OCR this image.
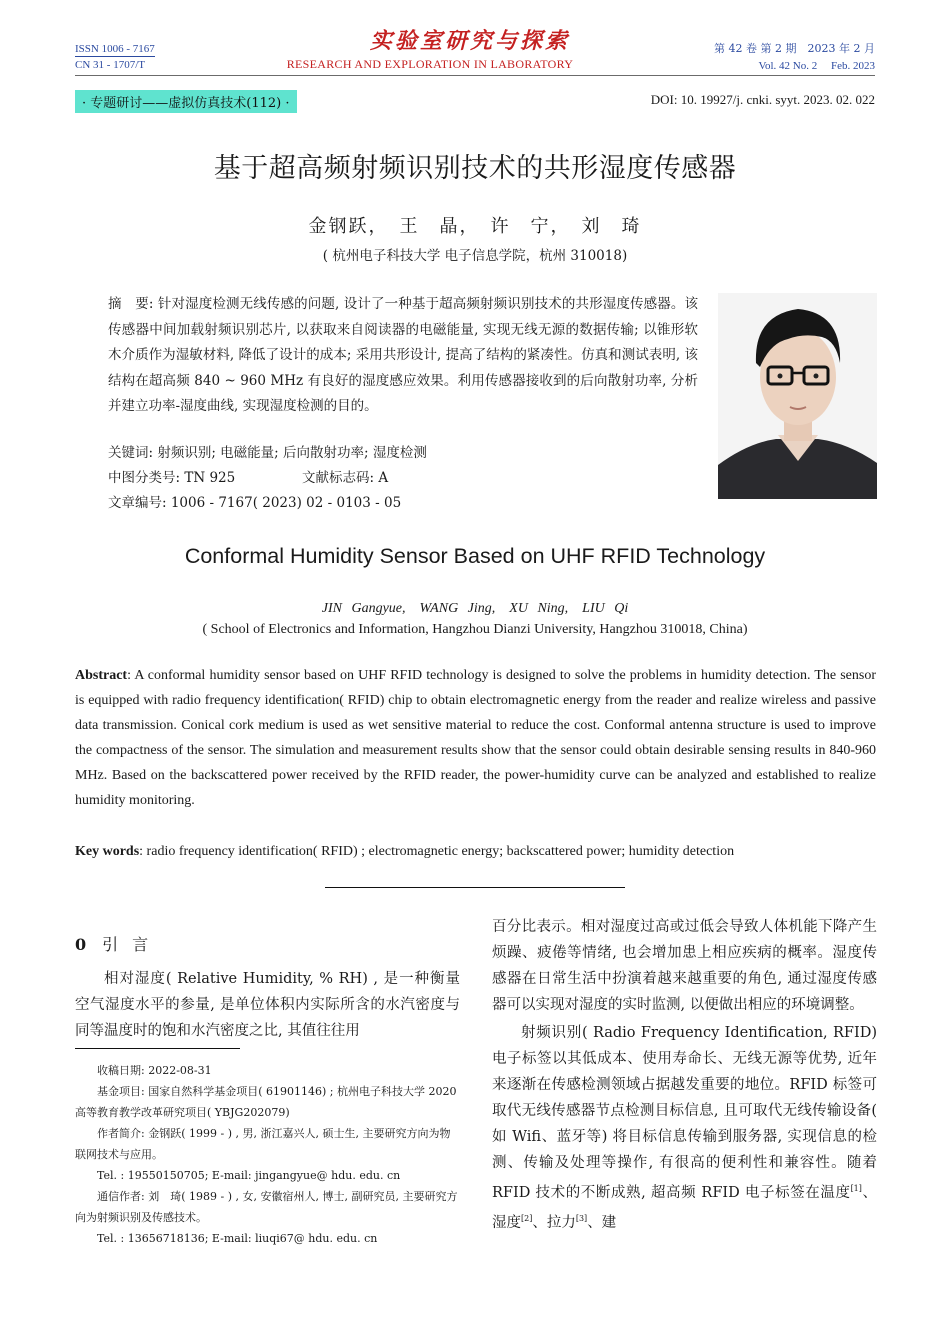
ISSN 1006 - 7167
CN 31 - 1707/T
实验室研究与探索
RESEARCH AND EXPLORATION IN LABORATORY
第 42 卷 第 2 期　2023 年 2 月
Vol. 42 No. 2　 Feb. 2023
· 专题研讨——虚拟仿真技术(112) ·	DOI: 10. 19927/j. cnki. syyt. 2023. 02. 022
基于超高频射频识别技术的共形湿度传感器
金钢跃，　王　晶，　许　宁，　刘　琦
( 杭州电子科技大学 电子信息学院，杭州 310018)
摘　要: 针对湿度检测无线传感的问题, 设计了一种基于超高频射频识别技术的共形湿度传感器。该传感器中间加载射频识别芯片, 以获取来自阅读器的电磁能量, 实现无线无源的数据传输; 以锥形软木介质作为湿敏材料, 降低了设计的成本; 采用共形设计, 提高了结构的紧凑性。仿真和测试表明, 该结构在超高频 840 ~ 960 MHz 有良好的湿度感应效果。利用传感器接收到的后向散射功率, 分析并建立功率-湿度曲线, 实现湿度检测的目的。
关键词: 射频识别; 电磁能量; 后向散射功率; 湿度检测
中图分类号: TN 925	文献标志码: A
文章编号: 1006 - 7167( 2023) 02 - 0103 - 05
Conformal Humidity Sensor Based on UHF RFID Technology
JIN Gangyue,　WANG Jing,　XU Ning,　LIU Qi
( School of Electronics and Information, Hangzhou Dianzi University, Hangzhou 310018, China)
Abstract: A conformal humidity sensor based on UHF RFID technology is designed to solve the problems in humidity detection. The sensor is equipped with radio frequency identification( RFID) chip to obtain electromagnetic energy from the reader and realize wireless and passive data transmission. Conical cork medium is used as wet sensitive material to reduce the cost. Conformal antenna structure is used to improve the compactness of the sensor. The simulation and measurement results show that the sensor could obtain desirable sensing results in 840-960 MHz. Based on the backscattered power received by the RFID reader, the power-humidity curve can be analyzed and established to realize humidity monitoring.
Key words: radio frequency identification( RFID) ; electromagnetic energy; backscattered power; humidity detection
0 引言

相对湿度( Relative Humidity, % RH) , 是一种衡量空气湿度水平的参量, 是单位体积内实际所含的水汽密度与同等温度时的饱和水汽密度之比, 其值往往用

百分比表示。相对湿度过高或过低会导致人体机能下降产生烦躁、疲倦等情绪, 也会增加患上相应疾病的概率。湿度传感器在日常生活中扮演着越来越重要的角色, 通过湿度传感器可以实现对湿度的实时监测, 以便做出相应的环境调整。

射频识别( Radio Frequency Identification, RFID) 电子标签以其低成本、使用寿命长、无线无源等优势, 近年来逐渐在传感检测领域占据越发重要的地位。RFID 标签可取代无线传感器节点检测目标信息, 且可取代无线传输设备( 如 Wifi、蓝牙等) 将目标信息传输到服务器, 实现信息的检测、传输及处理等操作, 有很高的便利性和兼容性。随着 RFID 技术的不断成熟, 超高频 RFID 电子标签在温度[1]、湿度[2]、拉力[3]、建

收稿日期: 2022-08-31

基金项目: 国家自然科学基金项目( 61901146) ; 杭州电子科技大学 2020 高等教育教学改革研究项目( YBJG202079)

作者简介: 金钢跃( 1999 - ) , 男, 浙江嘉兴人, 硕士生, 主要研究方向为物联网技术与应用。

Tel. : 19550150705; E-mail: jingangyue@ hdu. edu. cn

通信作者: 刘　琦( 1989 - ) , 女, 安徽宿州人, 博士, 副研究员, 主要研究方向为射频识别及传感技术。

Tel. : 13656718136; E-mail: liuqi67@ hdu. edu. cn
